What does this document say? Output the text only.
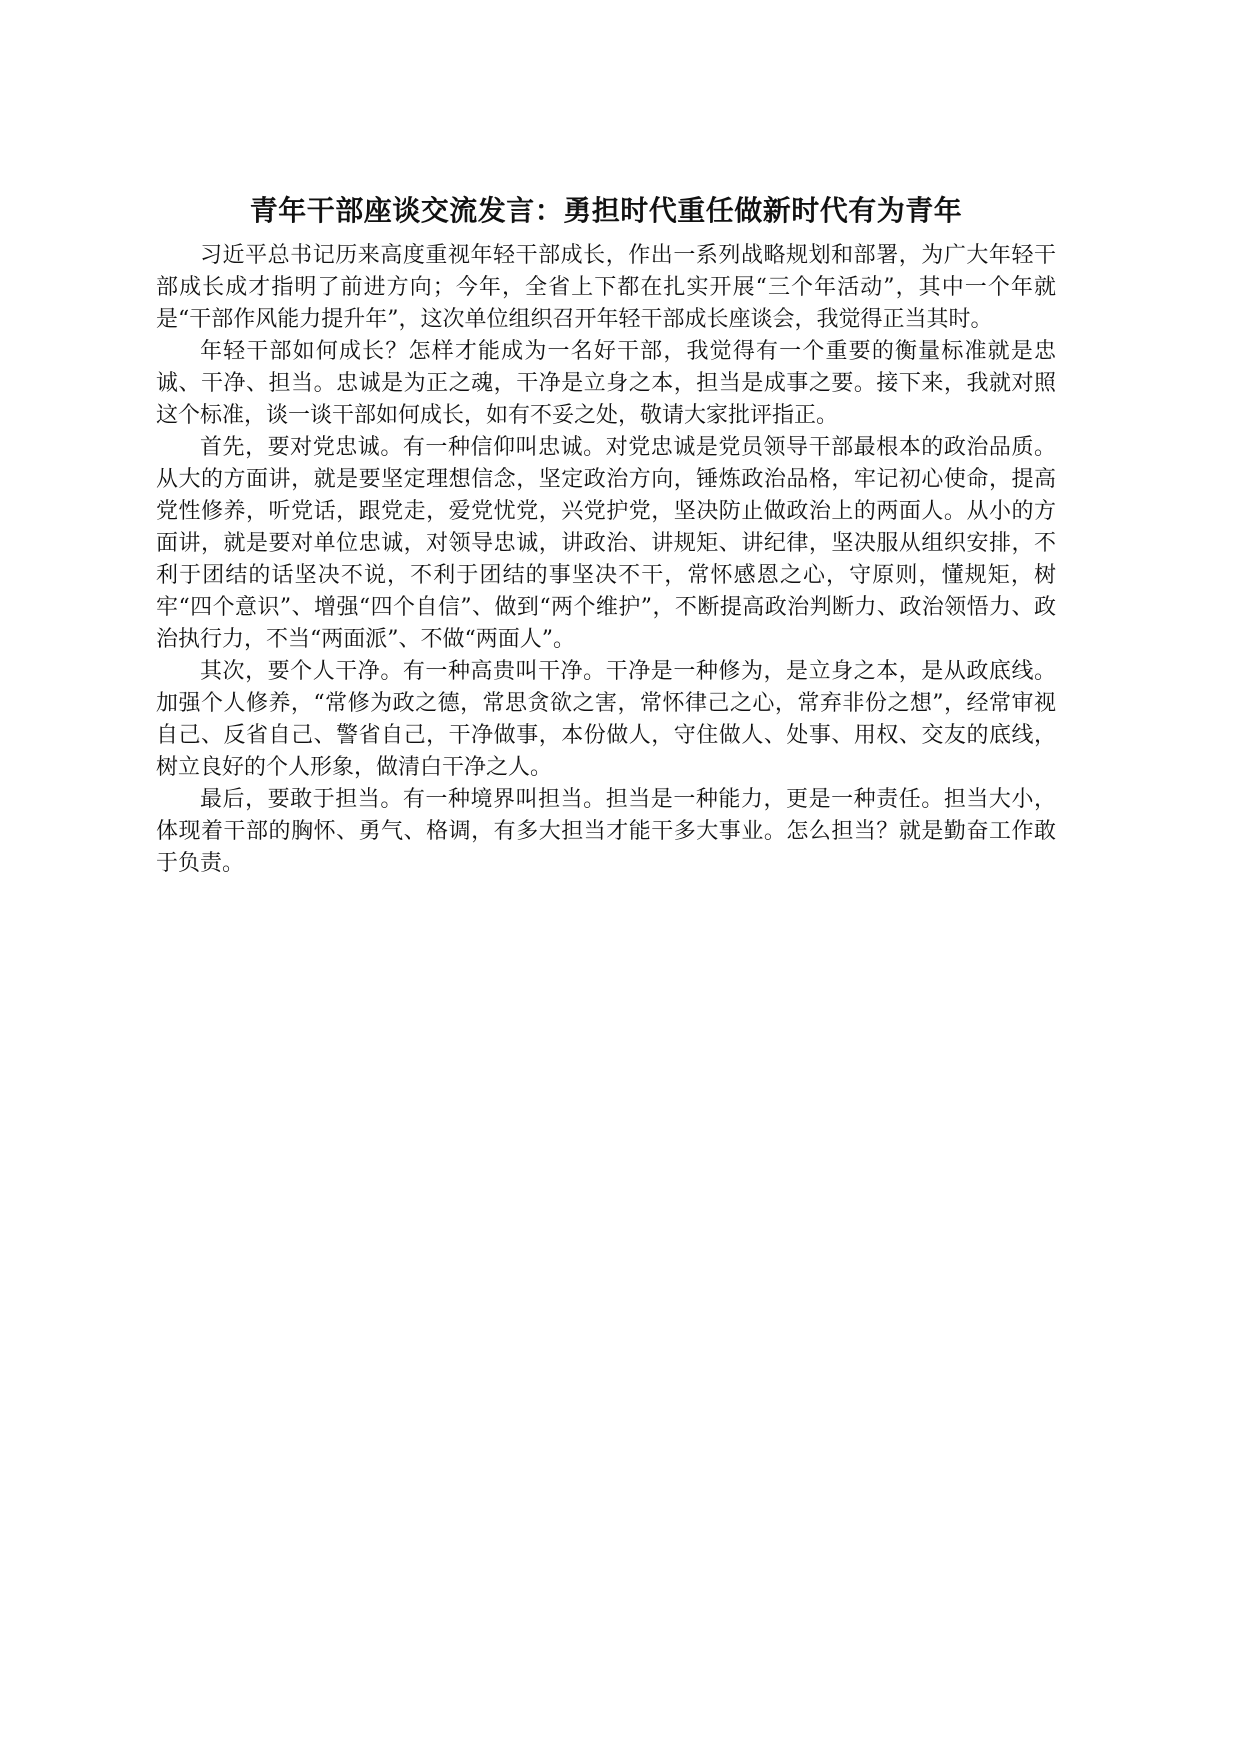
青年干部座谈交流发言：勇担时代重任做新时代有为青年

习近平总书记历来高度重视年轻干部成长，作出一系列战略规划和部署，为广大年轻干部成长成才指明了前进方向；今年，全省上下都在扎实开展“三个年活动”，其中一个年就是“干部作风能力提升年”，这次单位组织召开年轻干部成长座谈会，我觉得正当其时。

年轻干部如何成长？怎样才能成为一名好干部，我觉得有一个重要的衡量标准就是忠诚、干净、担当。忠诚是为正之魂，干净是立身之本，担当是成事之要。接下来，我就对照这个标准，谈一谈干部如何成长，如有不妥之处，敬请大家批评指正。

首先，要对党忠诚。有一种信仰叫忠诚。对党忠诚是党员领导干部最根本的政治品质。从大的方面讲，就是要坚定理想信念，坚定政治方向，锤炼政治品格，牢记初心使命，提高党性修养，听党话，跟党走，爱党忧党，兴党护党，坚决防止做政治上的两面人。从小的方面讲，就是要对单位忠诚，对领导忠诚，讲政治、讲规矩、讲纪律，坚决服从组织安排，不利于团结的话坚决不说，不利于团结的事坚决不干，常怀感恩之心，守原则，懂规矩，树牢“四个意识”、增强“四个自信”、做到“两个维护”，不断提高政治判断力、政治领悟力、政治执行力，不当“两面派”、不做“两面人”。

其次，要个人干净。有一种高贵叫干净。干净是一种修为，是立身之本，是从政底线。加强个人修养，“常修为政之德，常思贪欲之害，常怀律己之心，常弃非份之想”，经常审视自己、反省自己、警省自己，干净做事，本份做人，守住做人、处事、用权、交友的底线，树立良好的个人形象，做清白干净之人。

最后，要敢于担当。有一种境界叫担当。担当是一种能力，更是一种责任。担当大小，体现着干部的胸怀、勇气、格调，有多大担当才能干多大事业。怎么担当？就是勤奋工作敢于负责。
